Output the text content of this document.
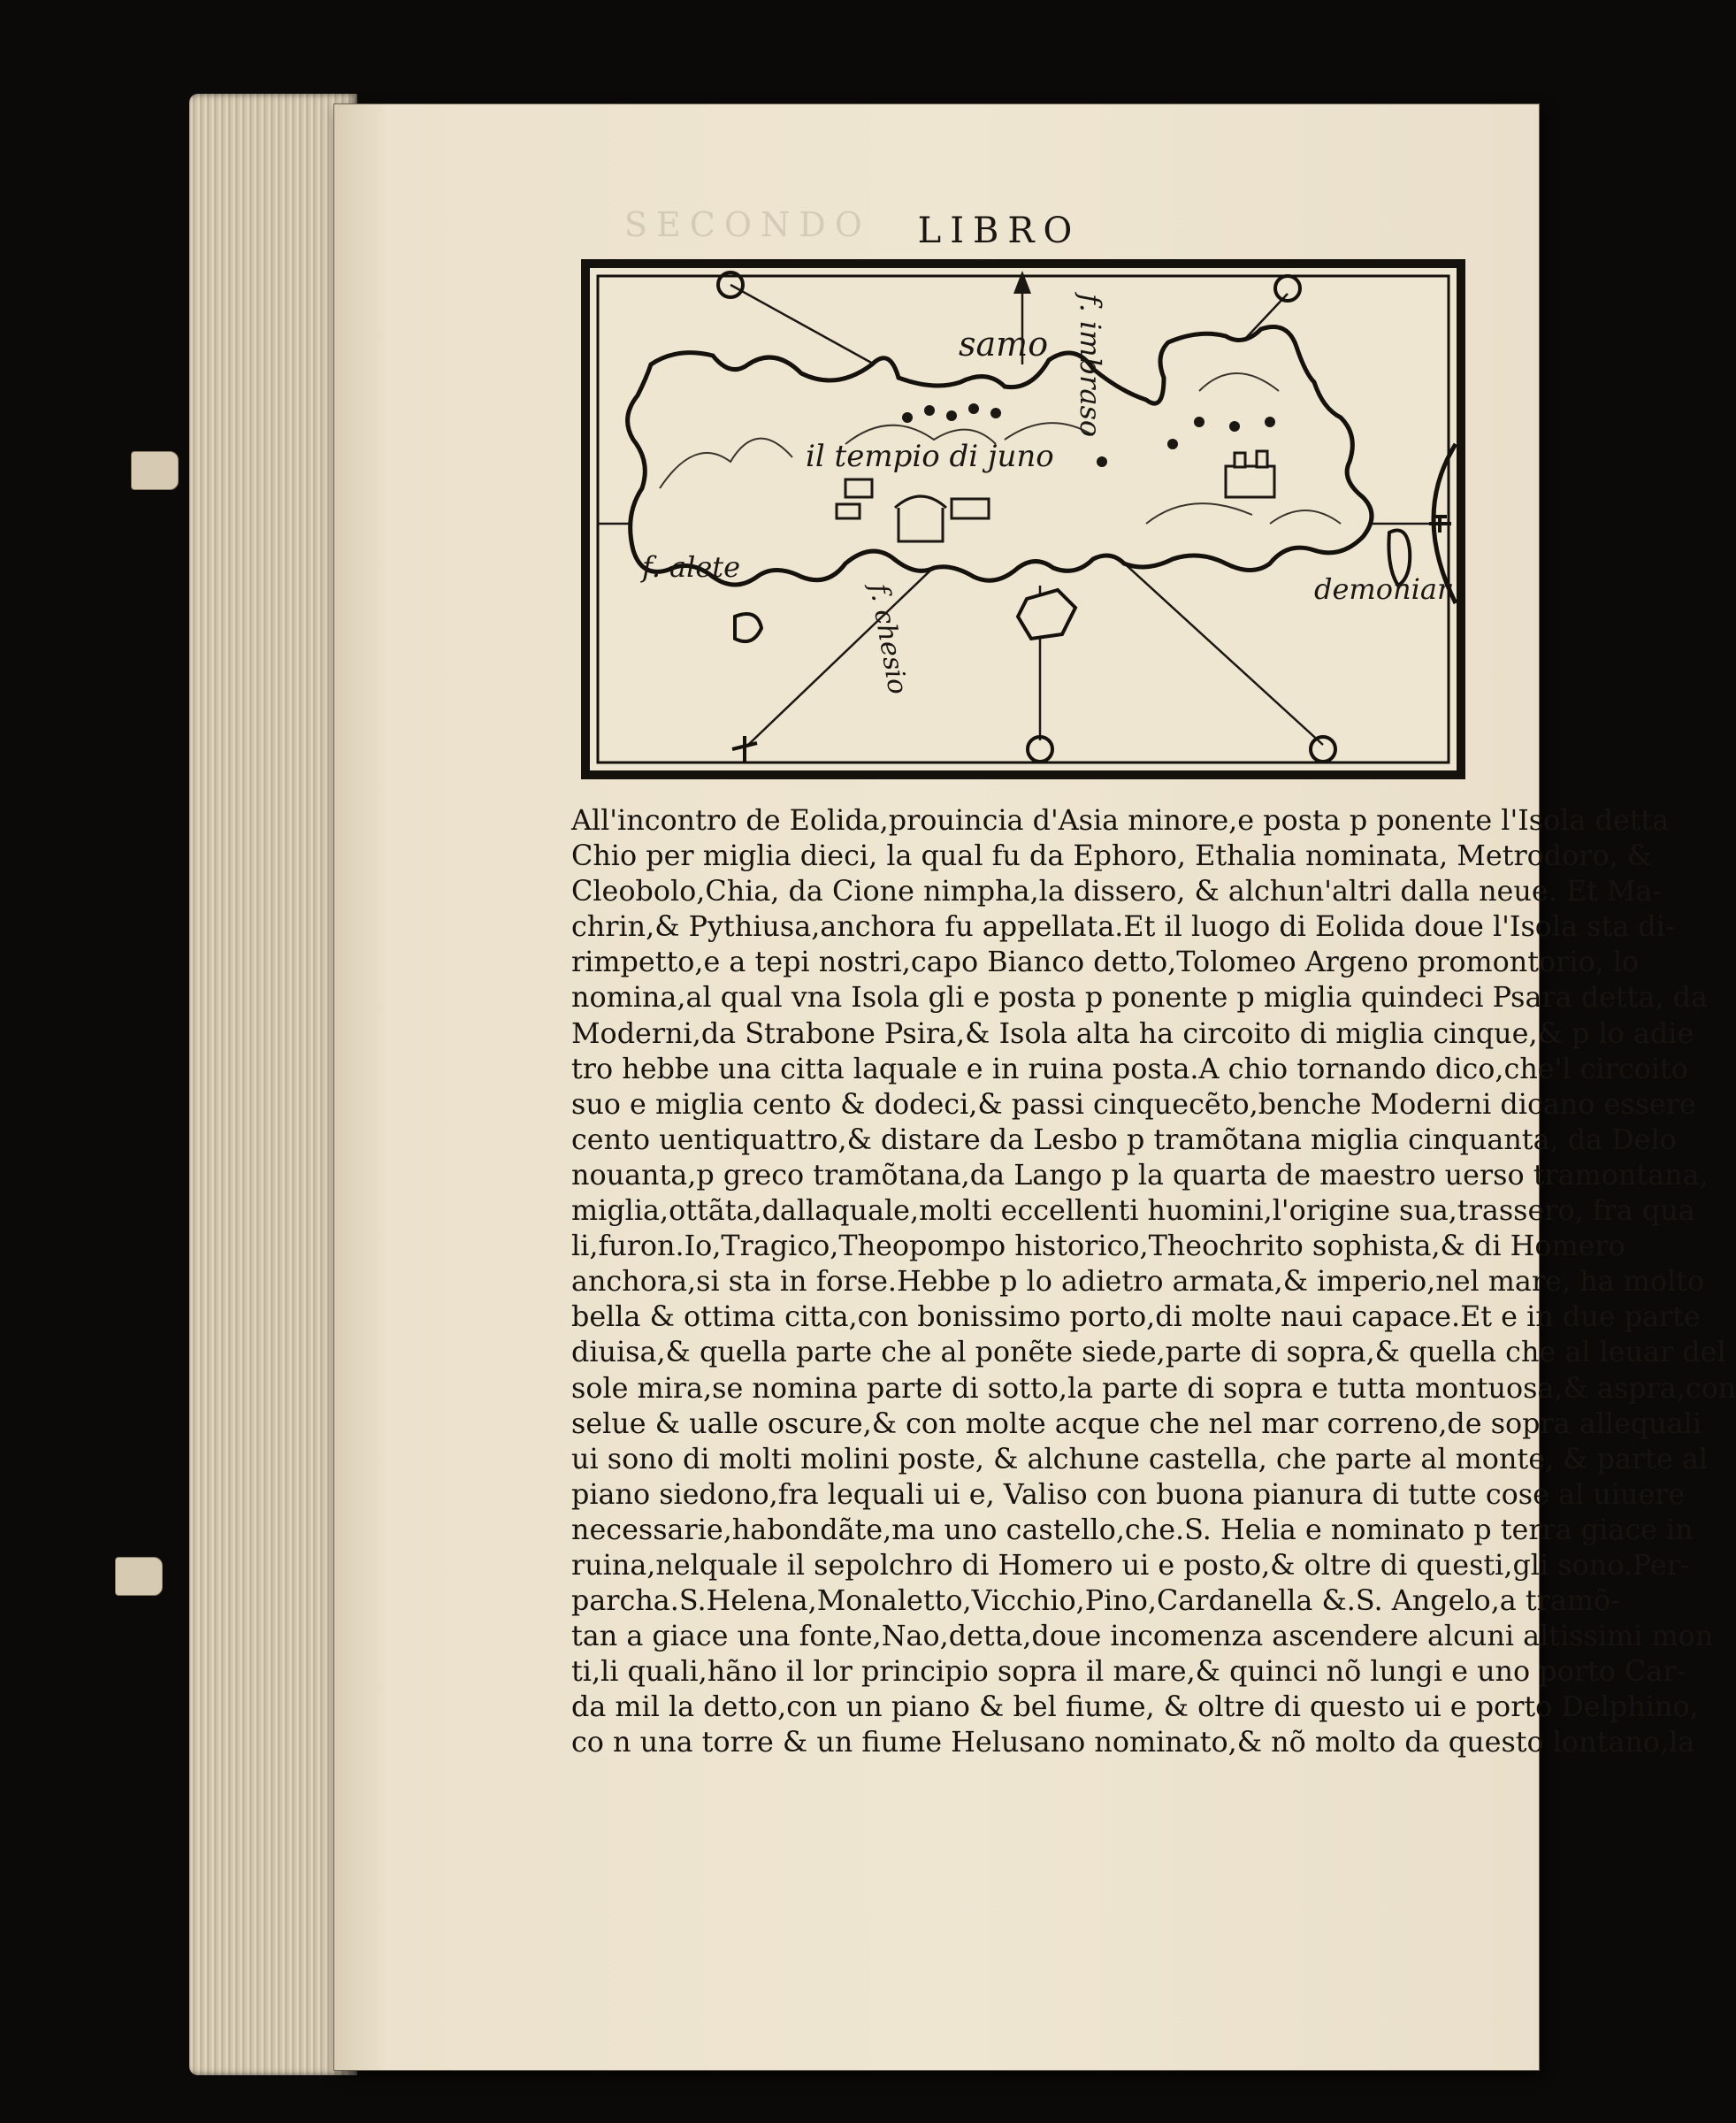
SECONDO	LIBRO
samo
il tempio di juno
f. alete
demoniar
f. imbraso
f. chesio
All'incontro de Eolida,prouincia d'Asia minore,e posta p ponente l'Isola detta
Chio per miglia dieci, la qual fu da Ephoro, Ethalia nominata, Metrodoro, &
Cleobolo,Chia, da Cione nimpha,la dissero, & alchun'altri dalla neue. Et Ma-
chrin,& Pythiusa,anchora fu appellata.Et il luogo di Eolida doue l'Isola sta di-
rimpetto,e a tepi nostri,capo Bianco detto,Tolomeo Argeno promontorio, lo
nomina,al qual vna Isola gli e posta p ponente p miglia quindeci Psara detta, da
Moderni,da Strabone Psira,& Isola alta ha circoito di miglia cinque,& p lo adie
tro hebbe una citta laquale e in ruina posta.A chio tornando dico,che'l circoito
suo e miglia cento & dodeci,& passi cinquecẽto,benche Moderni dicano essere
cento uentiquattro,& distare da Lesbo p tramõtana miglia cinquanta, da Delo
nouanta,p greco tramõtana,da Lango p la quarta de maestro uerso tramontana,
miglia,ottãta,dallaquale,molti eccellenti huomini,l'origine sua,trassero, fra qua
li,furon.Io,Tragico,Theopompo historico,Theochrito sophista,& di Homero
anchora,si sta in forse.Hebbe p lo adietro armata,& imperio,nel mare, ha molto
bella & ottima citta,con bonissimo porto,di molte naui capace.Et e in due parte
diuisa,& quella parte che al ponẽte siede,parte di sopra,& quella che al leuar del
sole mira,se nomina parte di sotto,la parte di sopra e tutta montuosa,& aspra,con
selue & ualle oscure,& con molte acque che nel mar correno,de sopra allequali
ui sono di molti molini poste, & alchune castella, che parte al monte, & parte al
piano siedono,fra lequali ui e, Valiso con buona pianura di tutte cose al uiuere
necessarie,habondãte,ma uno castello,che.S. Helia e nominato p terra giace in
ruina,nelquale il sepolchro di Homero ui e posto,& oltre di questi,gli sono.Per-
parcha.S.Helena,Monaletto,Vicchio,Pino,Cardanella &.S. Angelo,a tramõ-
tan a giace una fonte,Nao,detta,doue incomenza ascendere alcuni altissimi mon
ti,li quali,hãno il lor principio sopra il mare,& quinci nõ lungi e uno porto Car-
da mil la detto,con un piano & bel fiume, & oltre di questo ui e porto Delphino,
co n una torre & un fiume Helusano nominato,& nõ molto da questo lontano,la
